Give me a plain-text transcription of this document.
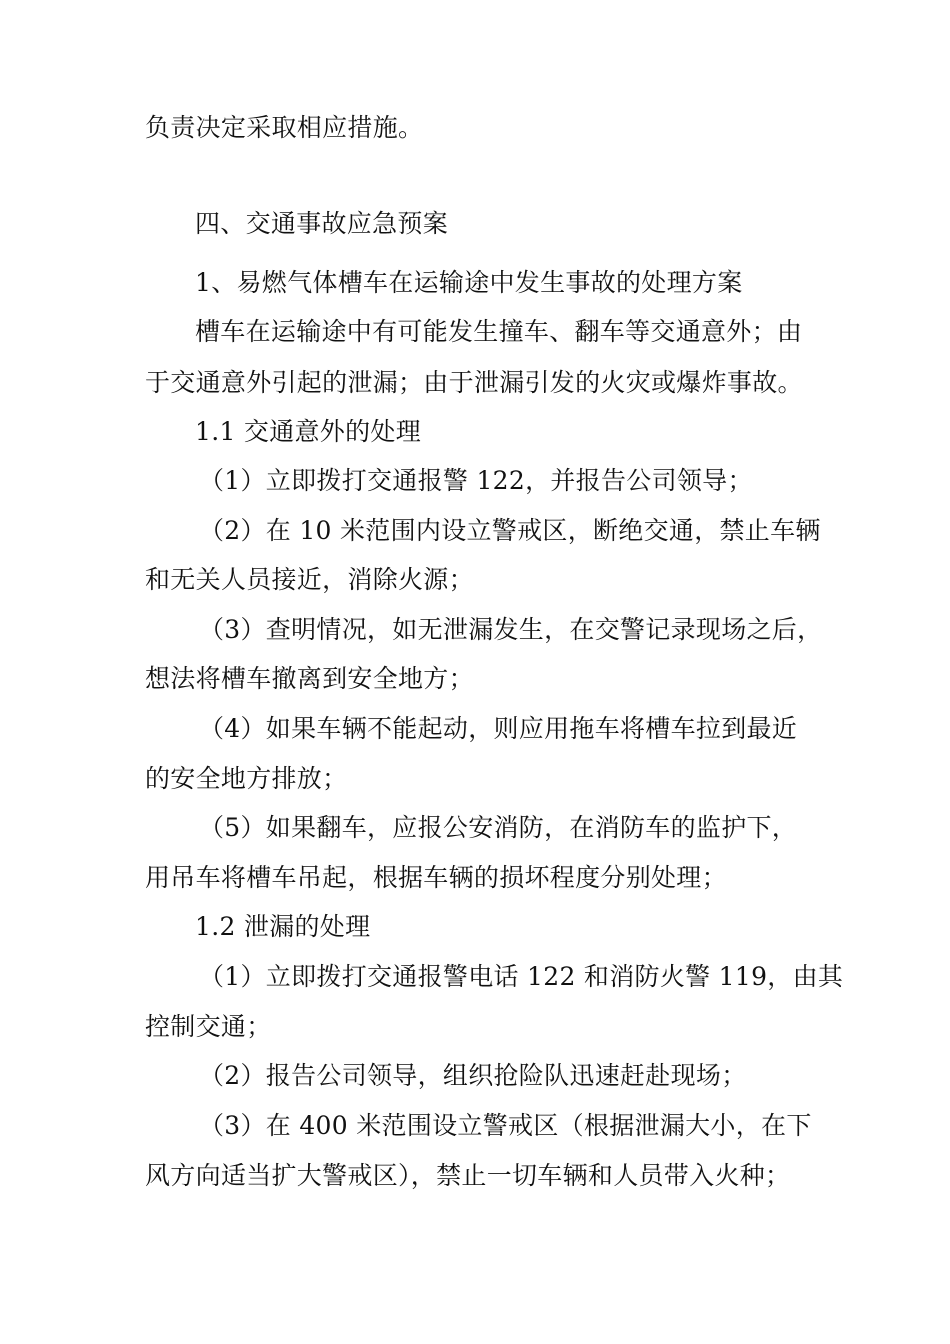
负责决定采取相应措施。
四、交通事故应急预案
1、易燃气体槽车在运输途中发生事故的处理方案
槽车在运输途中有可能发生撞车、翻车等交通意外；由
于交通意外引起的泄漏；由于泄漏引发的火灾或爆炸事故。
1.1 交通意外的处理
（1）立即拨打交通报警 122，并报告公司领导；
（2）在 10 米范围内设立警戒区，断绝交通，禁止车辆
和无关人员接近，消除火源；
（3）查明情况，如无泄漏发生，在交警记录现场之后，
想法将槽车撤离到安全地方；
（4）如果车辆不能起动，则应用拖车将槽车拉到最近
的安全地方排放；
（5）如果翻车，应报公安消防，在消防车的监护下，
用吊车将槽车吊起，根据车辆的损坏程度分别处理；
1.2 泄漏的处理
（1）立即拨打交通报警电话 122 和消防火警 119，由其
控制交通；
（2）报告公司领导，组织抢险队迅速赶赴现场；
（3）在 400 米范围设立警戒区（根据泄漏大小，在下
风方向适当扩大警戒区），禁止一切车辆和人员带入火种；
